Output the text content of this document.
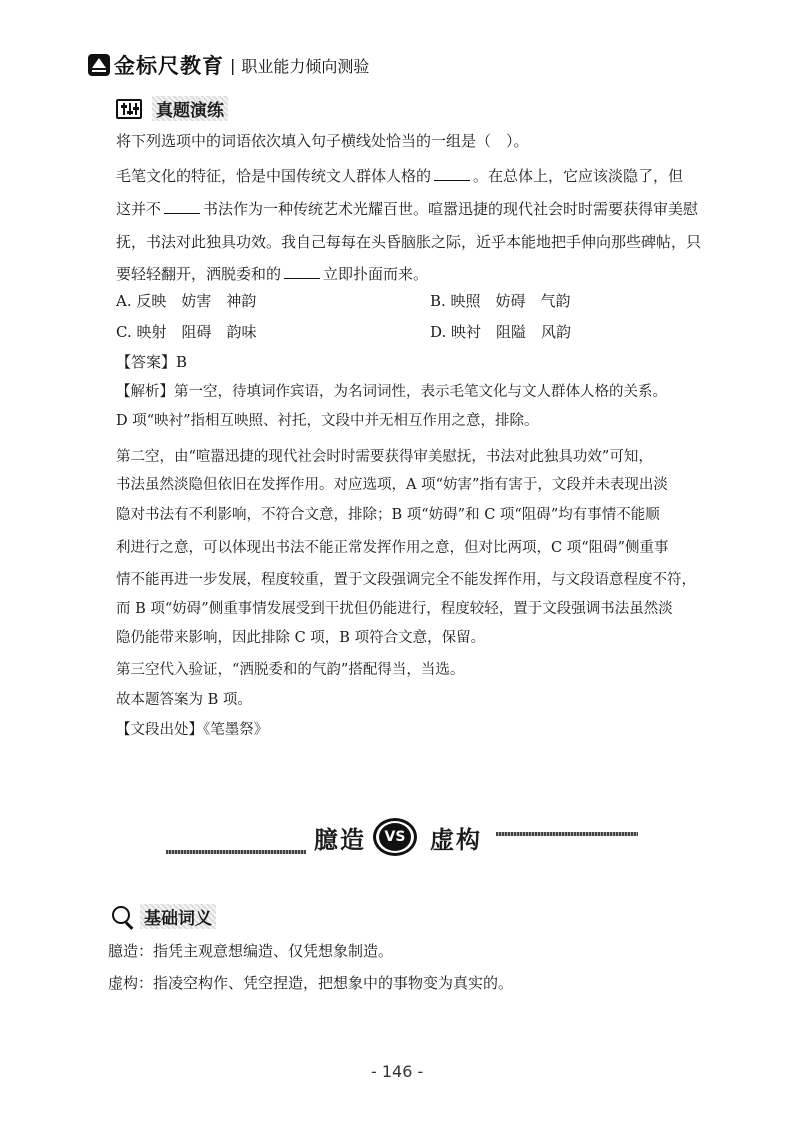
金标尺教育 | 职业能力倾向测验
真题演练
将下列选项中的词语依次填入句子横线处恰当的一组是（　）。
毛笔文化的特征，恰是中国传统文人群体人格的	。在总体上，它应该淡隐了，但
这并不	书法作为一种传统艺术光耀百世。喧嚣迅捷的现代社会时时需要获得审美慰
抚，书法对此独具功效。我自己每每在头昏脑胀之际，近乎本能地把手伸向那些碑帖，只
要轻轻翻开，洒脱委和的	立即扑面而来。
A. 反映　妨害　神韵	B. 映照　妨碍　气韵
C. 映射　阻碍　韵味	D. 映衬　阻隘　风韵
【答案】B
【解析】第一空，待填词作宾语，为名词词性，表示毛笔文化与文人群体人格的关系。
D 项“映衬”指相互映照、衬托，文段中并无相互作用之意，排除。
第二空，由“喧嚣迅捷的现代社会时时需要获得审美慰抚，书法对此独具功效”可知，
书法虽然淡隐但依旧在发挥作用。对应选项，A 项“妨害”指有害于，文段并未表现出淡
隐对书法有不利影响，不符合文意，排除；B 项“妨碍”和 C 项“阻碍”均有事情不能顺
利进行之意，可以体现出书法不能正常发挥作用之意，但对比两项，C 项“阻碍”侧重事
情不能再进一步发展，程度较重，置于文段强调完全不能发挥作用，与文段语意程度不符，
而 B 项“妨碍”侧重事情发展受到干扰但仍能进行，程度较轻，置于文段强调书法虽然淡
隐仍能带来影响，因此排除 C 项，B 项符合文意，保留。
第三空代入验证，“洒脱委和的气韵”搭配得当，当选。
故本题答案为 B 项。
【文段出处】《笔墨祭》
臆造	VS 虚构
基础词义
臆造：指凭主观意想编造、仅凭想象制造。
虚构：指凌空构作、凭空捏造，把想象中的事物变为真实的。
- 146 -
